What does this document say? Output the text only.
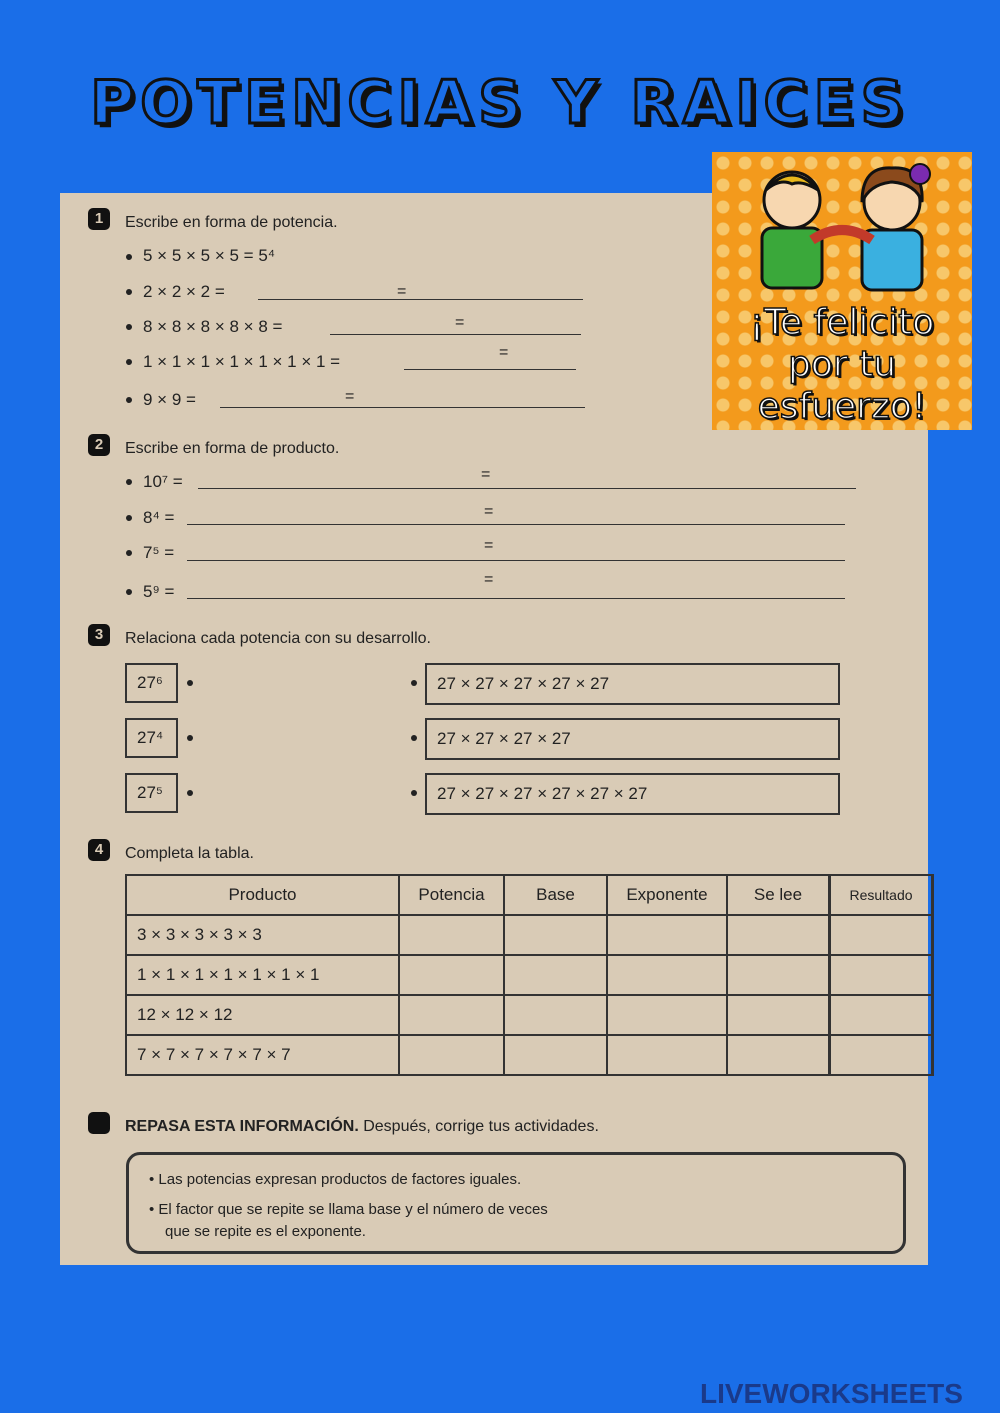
POTENCIAS Y RAICES
¡Te felicito
por tu
esfuerzo!
1	Escribe en forma de potencia.
5 × 5 × 5 × 5 = 5⁴
2 × 2 × 2 =	=
8 × 8 × 8 × 8 × 8 =	=
1 × 1 × 1 × 1 × 1 × 1 × 1 =	=
9 × 9 =	=
2	Escribe en forma de producto.
10⁷ =	=
8⁴ =	=
7⁵ =	=
5⁹ =
=
3	Relaciona cada potencia con su desarrollo.
27⁶	27 × 27 × 27 × 27 × 27
27⁴	27 × 27 × 27 × 27
27⁵	27 × 27 × 27 × 27 × 27 × 27
4	Completa la tabla.
Producto	Potencia	Base	Exponente	Se lee	Resultado
3 × 3 × 3 × 3 × 3					
1 × 1 × 1 × 1 × 1 × 1 × 1					
12 × 12 × 12					
7 × 7 × 7 × 7 × 7 × 7					
REPASA ESTA INFORMACIÓN. Después, corrige tus actividades.
• Las potencias expresan productos de factores iguales.
• El factor que se repite se llama base y el número de veces
que se repite es el exponente.
LIVEWORKSHEETS
